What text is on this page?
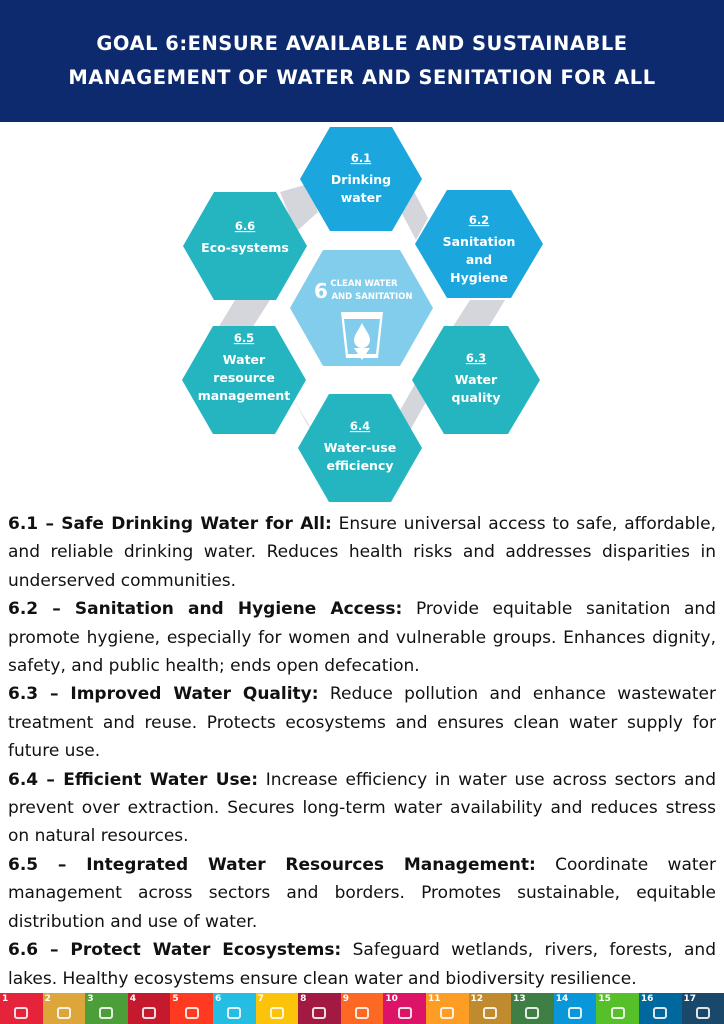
GOAL 6:ENSURE AVAILABLE AND SUSTAINABLE
MANAGEMENT OF WATER AND SENITATION FOR ALL
6 CLEAN WATER
AND SANITATION
6.1
Drinking
water
6.2
Sanitation
and
Hygiene
6.3
Water
quality
6.4
Water-use
efficiency
6.5
Water
resource
management
6.6
Eco-systems

6.1 – Safe Drinking Water for All: Ensure universal access to safe, affordable, and reliable drinking water. Reduces health risks and addresses disparities in underserved communities.

6.2 – Sanitation and Hygiene Access: Provide equitable sanitation and promote hygiene, especially for women and vulnerable groups. Enhances dignity, safety, and public health; ends open defecation.

6.3 – Improved Water Quality: Reduce pollution and enhance wastewater treatment and reuse. Protects ecosystems and ensures clean water supply for future use.

6.4 – Efficient Water Use: Increase efficiency in water use across sectors and prevent over extraction. Secures long-term water availability and reduces stress on natural resources.

6.5 – Integrated Water Resources Management: Coordinate water management across sectors and borders. Promotes sustainable, equitable distribution and use of water.

6.6 – Protect Water Ecosystems: Safeguard wetlands, rivers, forests, and lakes. Healthy ecosystems ensure clean water and biodiversity resilience.

1	2	3	4	5	6	7	8	9	10	11	12	13	14	15	16	17
